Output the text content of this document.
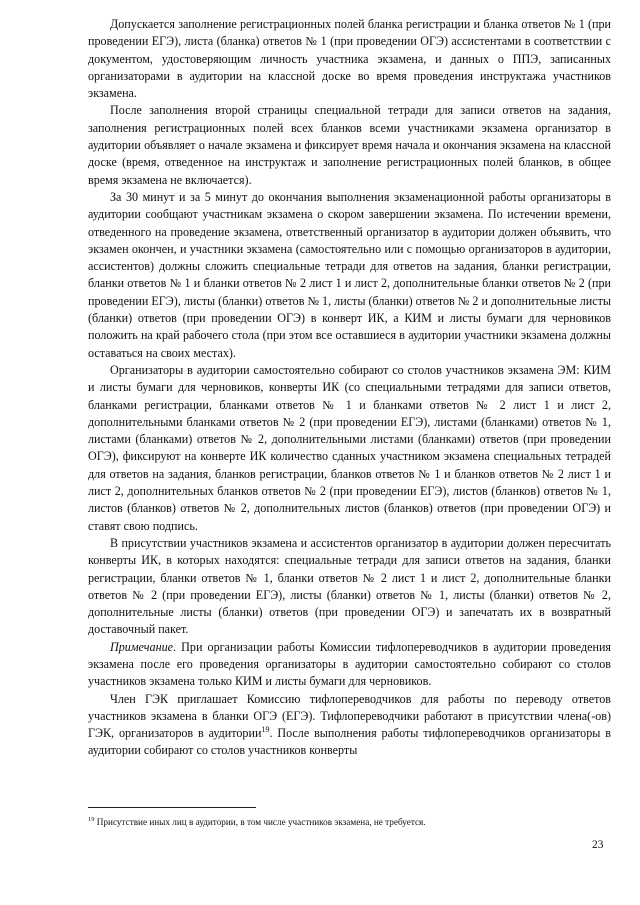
Допускается заполнение регистрационных полей бланка регистрации и бланка ответов № 1 (при проведении ЕГЭ), листа (бланка) ответов № 1 (при проведении ОГЭ) ассистентами в соответствии с документом, удостоверяющим личность участника экзамена, и данных о ППЭ, записанных организаторами в аудитории на классной доске во время проведения инструктажа участников экзамена.

После заполнения второй страницы специальной тетради для записи ответов на задания, заполнения регистрационных полей всех бланков всеми участниками экзамена организатор в аудитории объявляет о начале экзамена и фиксирует время начала и окончания экзамена на классной доске (время, отведенное на инструктаж и заполнение регистрационных полей бланков, в общее время экзамена не включается).

За 30 минут и за 5 минут до окончания выполнения экзаменационной работы организаторы в аудитории сообщают участникам экзамена о скором завершении экзамена. По истечении времени, отведенного на проведение экзамена, ответственный организатор в аудитории должен объявить, что экзамен окончен, и участники экзамена (самостоятельно или с помощью организаторов в аудитории, ассистентов) должны сложить специальные тетради для ответов на задания, бланки регистрации, бланки ответов № 1 и бланки ответов № 2 лист 1 и лист 2, дополнительные бланки ответов № 2 (при проведении ЕГЭ), листы (бланки) ответов № 1, листы (бланки) ответов № 2 и дополнительные листы (бланки) ответов (при проведении ОГЭ) в конверт ИК, а КИМ и листы бумаги для черновиков положить на край рабочего стола (при этом все оставшиеся в аудитории участники экзамена должны оставаться на своих местах).

Организаторы в аудитории самостоятельно собирают со столов участников экзамена ЭМ: КИМ и листы бумаги для черновиков, конверты ИК (со специальными тетрадями для записи ответов, бланками регистрации, бланками ответов № 1 и бланками ответов № 2 лист 1 и лист 2, дополнительными бланками ответов № 2 (при проведении ЕГЭ), листами (бланками) ответов № 1, листами (бланками) ответов № 2, дополнительными листами (бланками) ответов (при проведении ОГЭ), фиксируют на конверте ИК количество сданных участником экзамена специальных тетрадей для ответов на задания, бланков регистрации, бланков ответов № 1 и бланков ответов № 2 лист 1 и лист 2, дополнительных бланков ответов № 2 (при проведении ЕГЭ), листов (бланков) ответов № 1, листов (бланков) ответов № 2, дополнительных листов (бланков) ответов (при проведении ОГЭ) и ставят свою подпись.

В присутствии участников экзамена и ассистентов организатор в аудитории должен пересчитать конверты ИК, в которых находятся: специальные тетради для записи ответов на задания, бланки регистрации, бланки ответов № 1, бланки ответов № 2 лист 1 и лист 2, дополнительные бланки ответов № 2 (при проведении ЕГЭ), листы (бланки) ответов № 1, листы (бланки) ответов № 2, дополнительные листы (бланки) ответов (при проведении ОГЭ) и запечатать их в возвратный доставочный пакет.

Примечание. При организации работы Комиссии тифлопереводчиков в аудитории проведения экзамена после его проведения организаторы в аудитории самостоятельно собирают со столов участников экзамена только КИМ и листы бумаги для черновиков.

Член ГЭК приглашает Комиссию тифлопереводчиков для работы по переводу ответов участников экзамена в бланки ОГЭ (ЕГЭ). Тифлопереводчики работают в присутствии члена(-ов) ГЭК, организаторов в аудитории$^{19}$. После выполнения работы тифлопереводчиков организаторы в аудитории собирают со столов участников конверты

$^{19}$ Присутствие иных лиц в аудитории, в том числе участников экзамена, не требуется.
23
